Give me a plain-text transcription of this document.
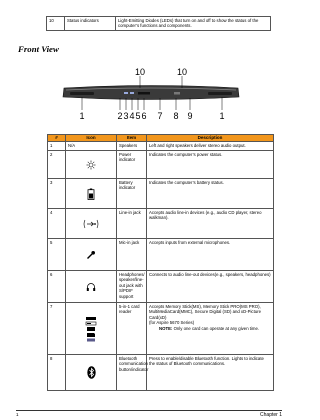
10	Status indicators	Light-Emitting Diodes (LEDs) that turn on and off to show the status of the computer’s functions and components.
Front View
10	10
1	2 3 4 5 6 7 8 9	1
#	Icon	Item	Description
1	N/A	Speakers	Left and right speakers deliver stereo audio output.
2		Power indicator	Indicates the computer’s power status.
3		Battery indicator	Indicates the computer’s battery status.
4		Line-in jack	Accepts audio line-in devices (e.g., audio CD player, stereo walkman).
5		Mic-in jack	Accepts inputs from external microphones.
6		Headphones/ speaker/line-out jack with S/PDIF support	Connects to audio line-out devices(e.g., speakers, headphones)
7		5-in-1 card reader	Accepts Memory Stick(MS), Memory Stick PRO(MS PRO), MultiMediaCard(MMC), Secure Digital (SD) and xD-Picture Card(xD)
(for Aspire 5670 Series)
NOTE: Only one card can operate at any given time.

8		Bluetooth communication button/indicator	Press to enable/disable Bluetooth function. Lights to indicate the status of Bluetooth communications.
1	Chapter 1
